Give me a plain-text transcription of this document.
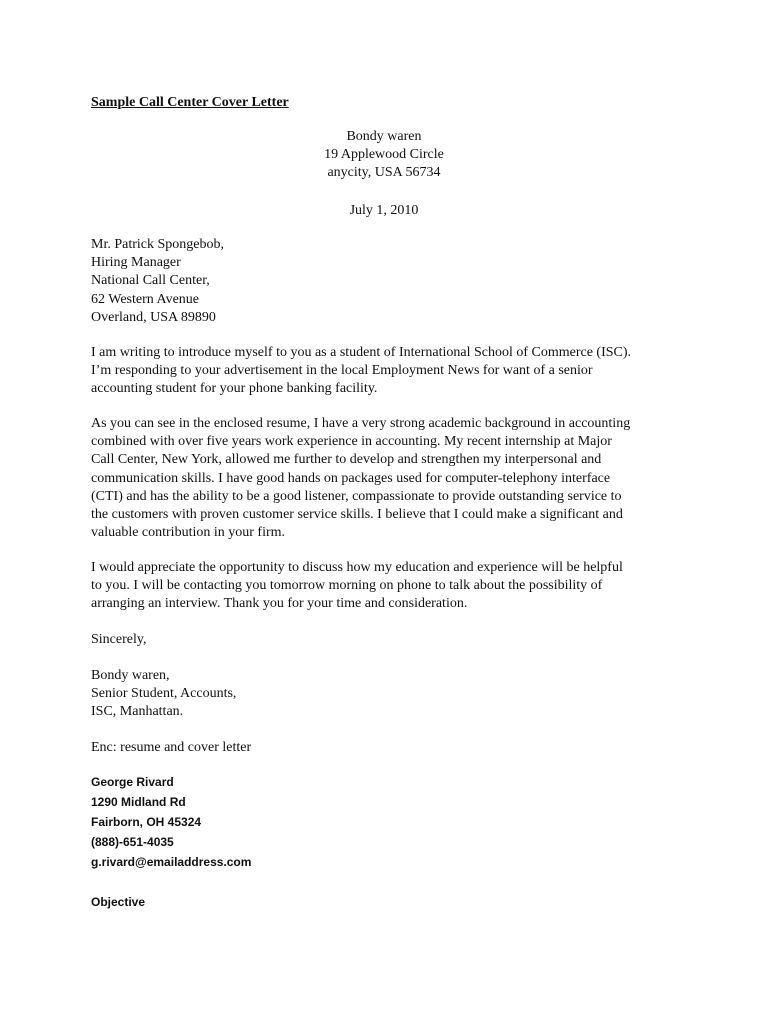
Sample Call Center Cover Letter
Bondy waren
19 Applewood Circle
anycity, USA 56734
July 1, 2010
Mr. Patrick Spongebob,
Hiring Manager
National Call Center,
62 Western Avenue
Overland, USA 89890
I am writing to introduce myself to you as a student of International School of Commerce (ISC).
I’m responding to your advertisement in the local Employment News for want of a senior
accounting student for your phone banking facility.
As you can see in the enclosed resume, I have a very strong academic background in accounting
combined with over five years work experience in accounting. My recent internship at Major
Call Center, New York, allowed me further to develop and strengthen my interpersonal and
communication skills. I have good hands on packages used for computer-telephony interface
(CTI) and has the ability to be a good listener, compassionate to provide outstanding service to
the customers with proven customer service skills. I believe that I could make a significant and
valuable contribution in your firm.
I would appreciate the opportunity to discuss how my education and experience will be helpful
to you. I will be contacting you tomorrow morning on phone to talk about the possibility of
arranging an interview. Thank you for your time and consideration.
Sincerely,
Bondy waren,
Senior Student, Accounts,
ISC, Manhattan.
Enc: resume and cover letter
George Rivard
1290 Midland Rd
Fairborn, OH 45324
(888)-651-4035
g.rivard@emailaddress.com
Objective
